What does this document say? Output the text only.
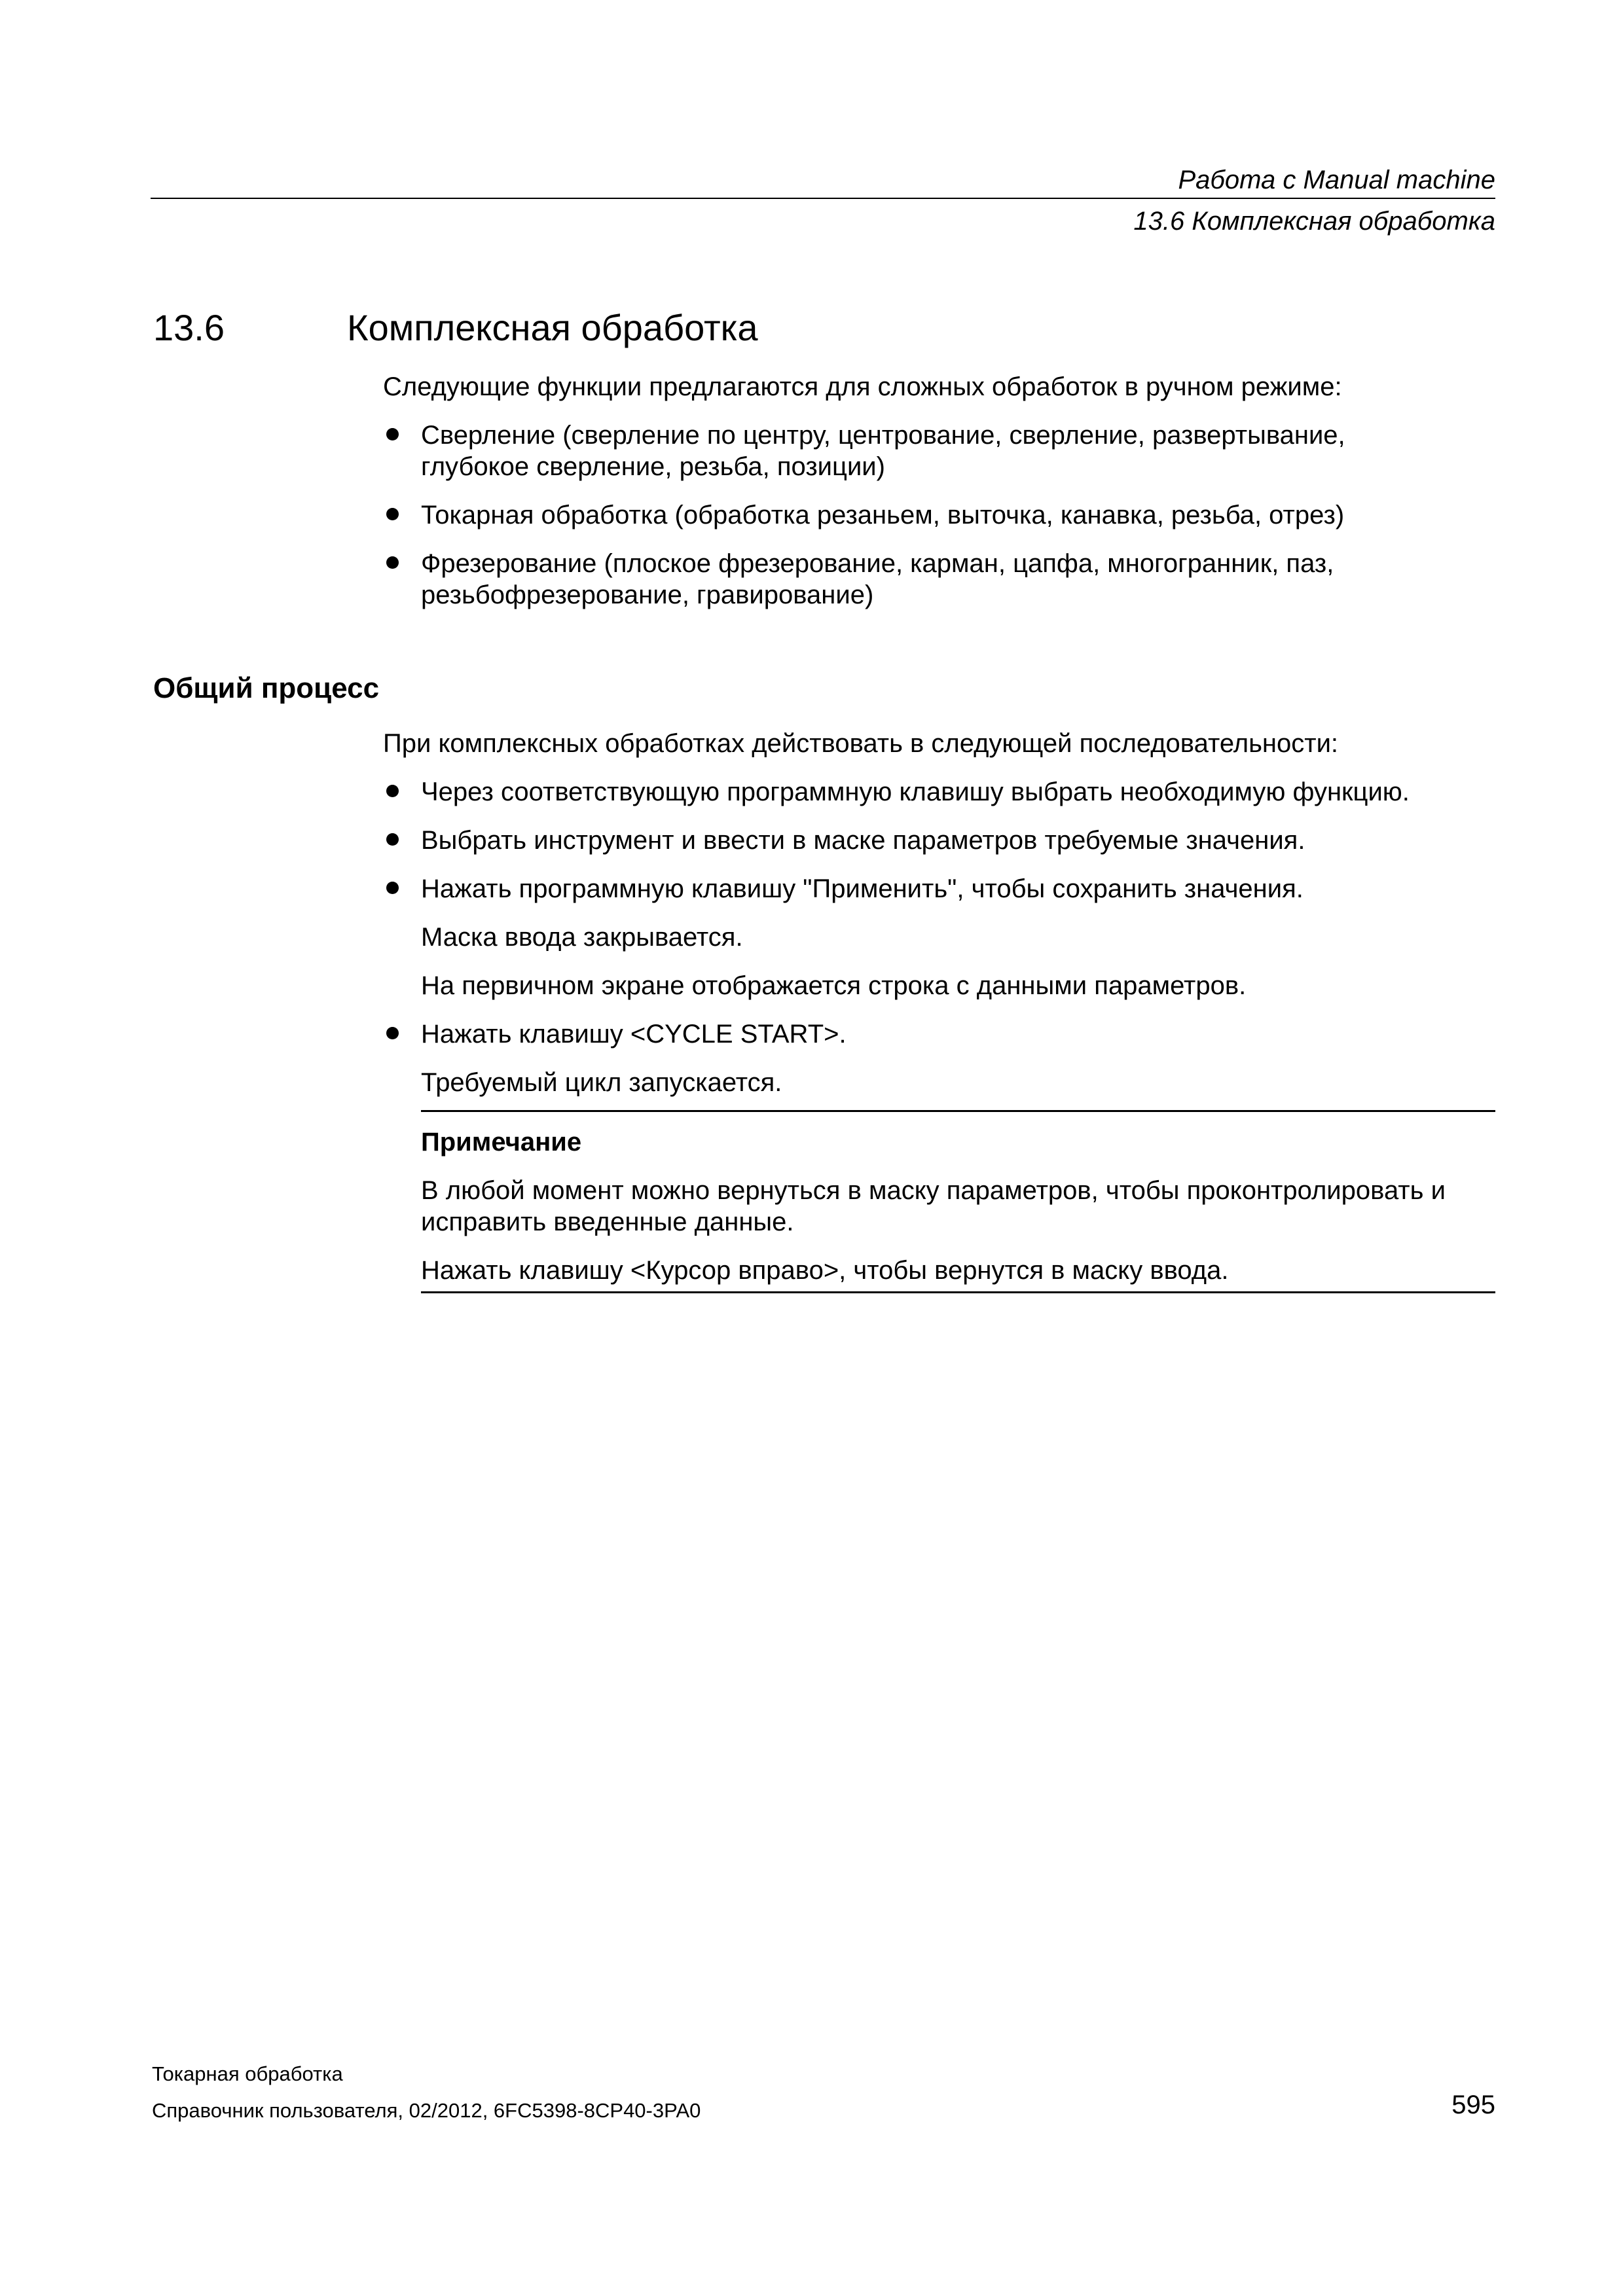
Работа с Manual machine
13.6 Комплексная обработка
13.6	Комплексная обработка

Следующие функции предлагаются для сложных обработок в ручном режиме:

Сверление (сверление по центру, центрование, сверление, развертывание,
глубокое сверление, резьба, позиции)
Токарная обработка (обработка резаньем, выточка, канавка, резьба, отрез)
Фрезерование (плоское фрезерование, карман, цапфа, многогранник, паз,
резьбофрезерование, гравирование)
Общий процесс

При комплексных обработках действовать в следующей последовательности:

Через соответствующую программную клавишу выбрать необходимую функцию.
Выбрать инструмент и ввести в маске параметров требуемые значения.
Нажать программную клавишу "Применить", чтобы сохранить значения.
Маска ввода закрывается.
На первичном экране отображается строка с данными параметров.
Нажать клавишу <CYCLE START>.
Требуемый цикл запускается.
Примечание

В любой момент можно вернуться в маску параметров, чтобы проконтролировать и

исправить введенные данные.

Нажать клавишу <Курсор вправо>, чтобы вернутся в маску ввода.

Токарная обработка
Справочник пользователя, 02/2012, 6FC5398-8CP40-3PA0	595
